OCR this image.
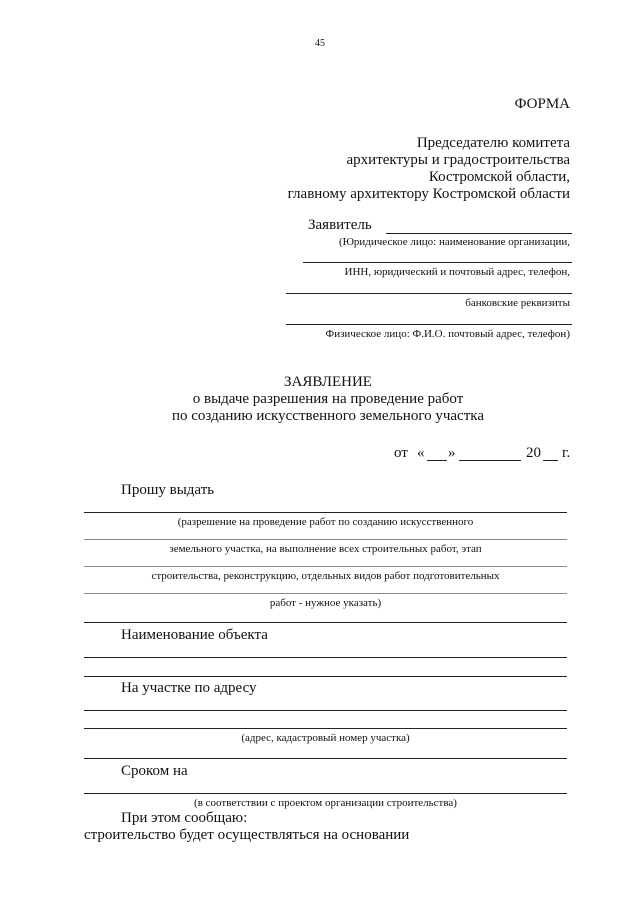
45
ФОРМА
Председателю комитета
архитектуры и градостроительства
Костромской области,
главному архитектору Костромской области
Заявитель
(Юридическое лицо: наименование организации,
ИНН, юридический и почтовый адрес, телефон,
банковские реквизиты
Физическое лицо: Ф.И.О. почтовый адрес, телефон)
ЗАЯВЛЕНИЕ
о выдаче разрешения на проведение работ
по созданию искусственного земельного участка
от « »	20 г.
Прошу выдать
(разрешение на проведение работ по созданию искусственного
земельного участка, на выполнение всех строительных работ, этап
строительства, реконструкцию, отдельных видов работ подготовительных
работ - нужное указать)
Наименование объекта
На участке по адресу
(адрес, кадастровый номер участка)
Сроком на
(в соответствии с проектом организации строительства)
При этом сообщаю:
строительство будет осуществляться на основании
